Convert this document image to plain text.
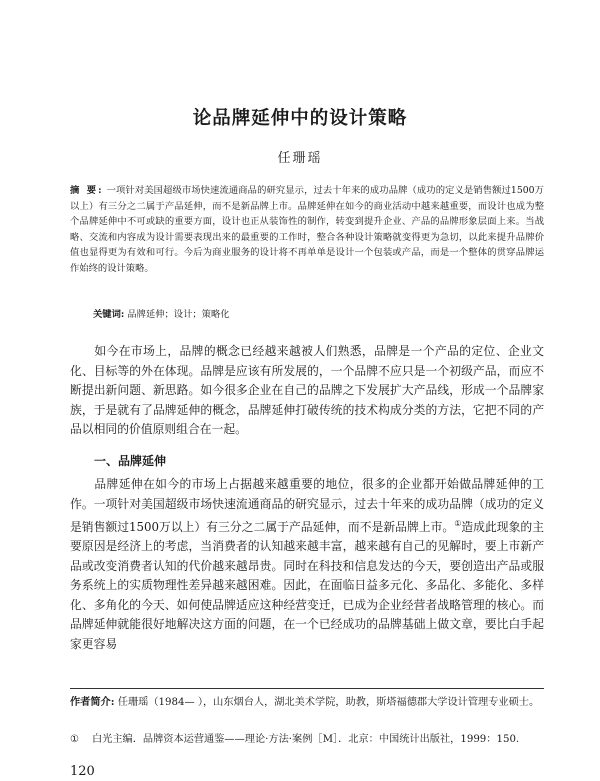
论品牌延伸中的设计策略
任珊瑶
摘 要: 一项针对美国超级市场快速流通商品的研究显示，过去十年来的成功品牌（成功的定义是销售额过1500万以上）有三分之二属于产品延伸，而不是新品牌上市。品牌延伸在如今的商业活动中越来越重要，而设计也成为整个品牌延伸中不可或缺的重要方面，设计也正从装饰性的制作，转变到提升企业、产品的品牌形象层面上来。当战略、交流和内容成为设计需要表现出来的最重要的工作时，整合各种设计策略就变得更为急切，以此来提升品牌价值也显得更为有效和可行。今后为商业服务的设计将不再单单是设计一个包装或产品，而是一个整体的贯穿品牌运作始终的设计策略。
关键词: 品牌延伸；设计；策略化
如今在市场上，品牌的概念已经越来越被人们熟悉，品牌是一个产品的定位、企业文化、目标等的外在体现。品牌是应该有所发展的，一个品牌不应只是一个初级产品，而应不断提出新问题、新思路。如今很多企业在自己的品牌之下发展扩大产品线，形成一个品牌家族，于是就有了品牌延伸的概念，品牌延伸打破传统的技术构成分类的方法，它把不同的产品以相同的价值原则组合在一起。
一、品牌延伸
品牌延伸在如今的市场上占据越来越重要的地位，很多的企业都开始做品牌延伸的工作。一项针对美国超级市场快速流通商品的研究显示，过去十年来的成功品牌（成功的定义是销售额过1500万以上）有三分之二属于产品延伸，而不是新品牌上市。①造成此现象的主要原因是经济上的考虑，当消费者的认知越来越丰富，越来越有自己的见解时，要上市新产品或改变消费者认知的代价越来越昂贵。同时在科技和信息发达的今天，要创造出产品或服务系统上的实质物理性差异越来越困难。因此，在面临日益多元化、多品化、多能化、多样化、多角化的今天、如何使品牌适应这种经营变迁，已成为企业经营者战略管理的核心。而品牌延伸就能很好地解决这方面的问题，在一个已经成功的品牌基础上做文章，要比白手起家更容易
作者简介: 任珊瑶（1984— ），山东烟台人，湖北美术学院，助教，斯塔福德郡大学设计管理专业硕士。
① 白光主编．品牌资本运营通鉴——理论·方法·案例［M］．北京：中国统计出版社，1999：150.
120
